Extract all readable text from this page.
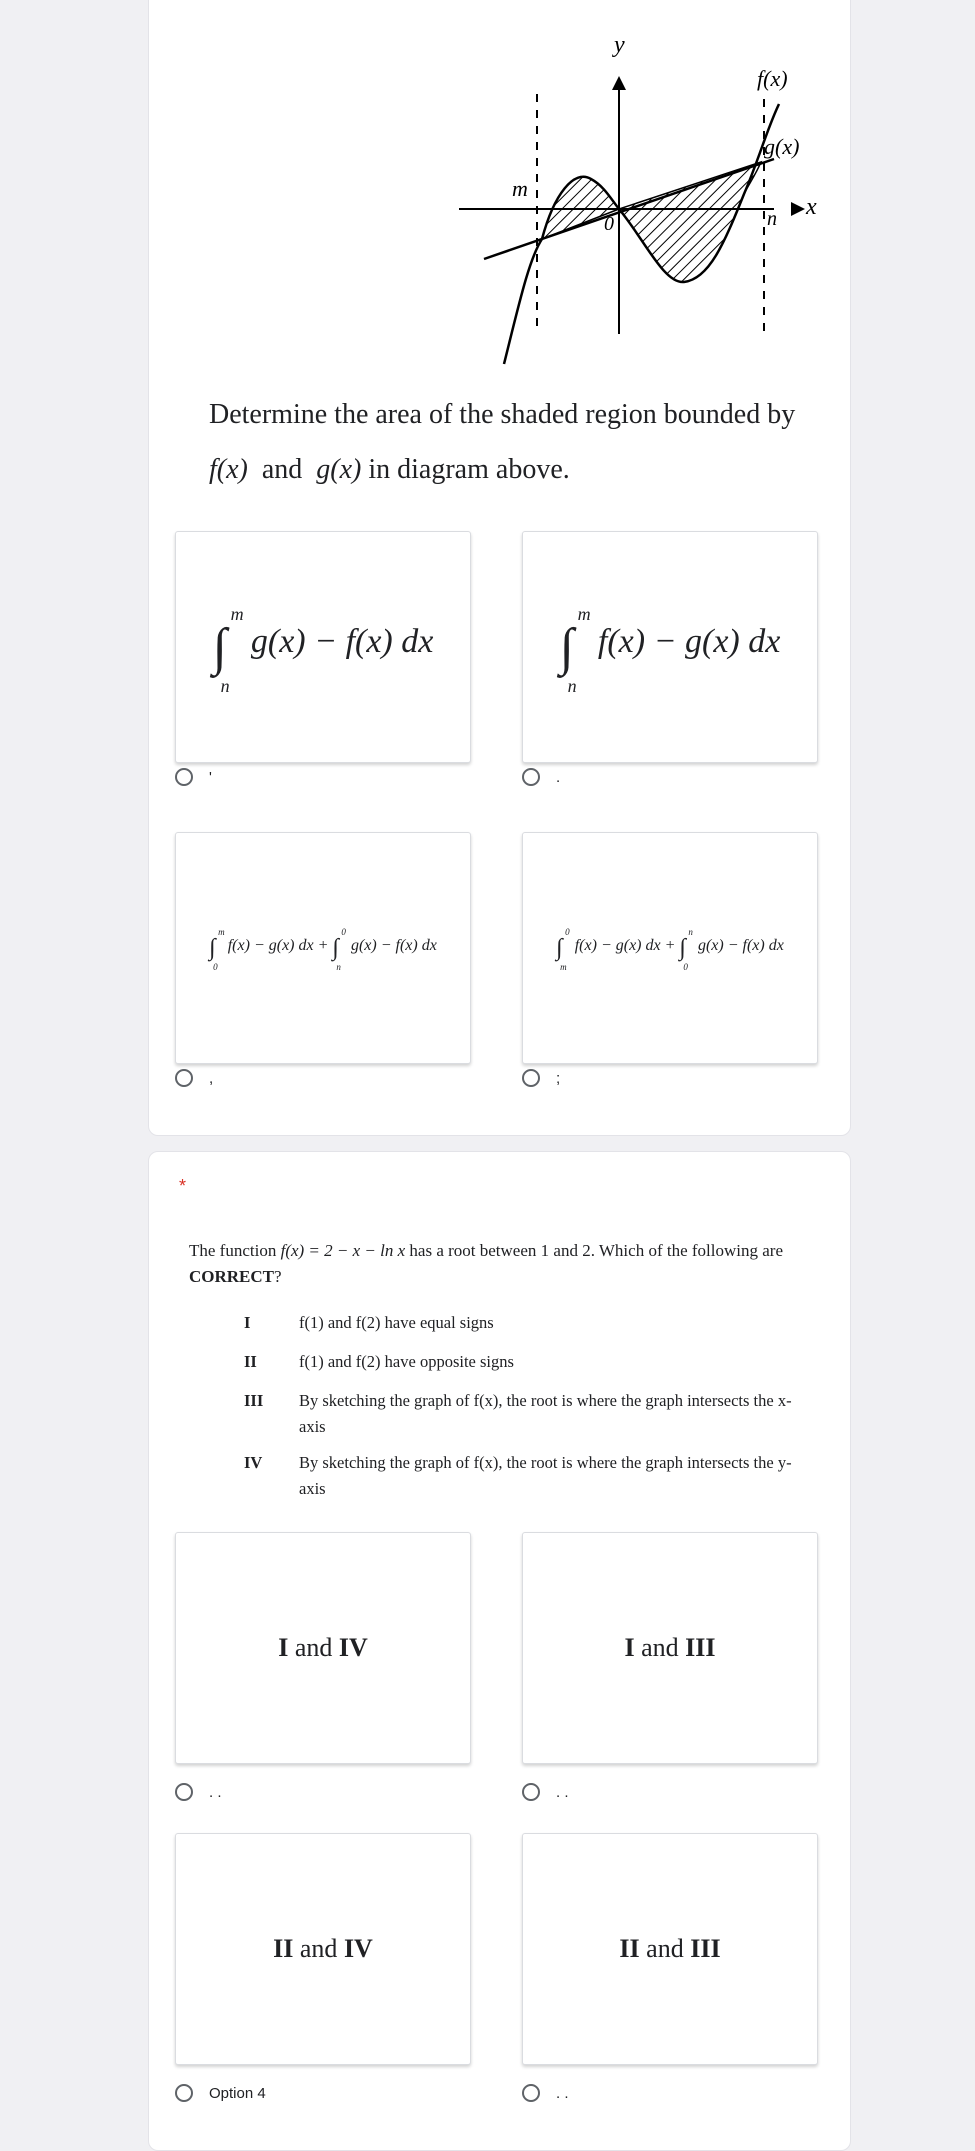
y
x
f(x)
g(x)
m
n
0
Determine the area of the shaded region bounded by
f(x) and g(x) in diagram above.
∫
m
n
g(x) − f(x) dx
'
∫
m
n
f(x) − g(x) dx
.
∫
m
0
f(x) − g(x) dx + ∫
0
n
g(x) − f(x) dx
,
∫
0
m
f(x) − g(x) dx + ∫
n
0
g(x) − f(x) dx
;
*
The function f(x) = 2 − x − ln x has a root between 1 and 2. Which of the following are CORRECT?
I	f(1) and f(2) have equal signs
II	f(1) and f(2) have opposite signs
III	By sketching the graph of f(x), the root is where the graph intersects the x-axis
IV	By sketching the graph of f(x), the root is where the graph intersects the y-axis
I and IV
. .
I and III
. .
II and IV
Option 4
II and III
. .
